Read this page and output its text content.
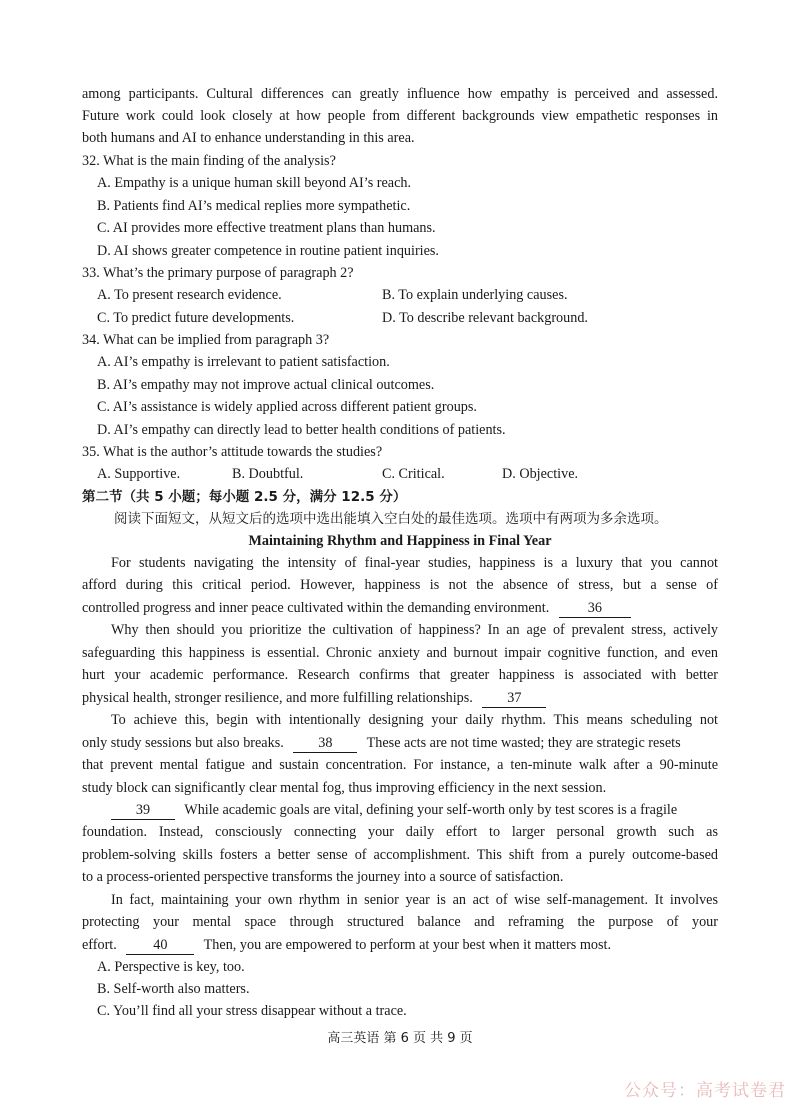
among participants. Cultural differences can greatly influence how empathy is perceived and assessed.
Future work could look closely at how people from different backgrounds view empathetic responses in
both humans and AI to enhance understanding in this area.
32. What is the main finding of the analysis?
A. Empathy is a unique human skill beyond AI’s reach.
B. Patients find AI’s medical replies more sympathetic.
C. AI provides more effective treatment plans than humans.
D. AI shows greater competence in routine patient inquiries.
33. What’s the primary purpose of paragraph 2?
A. To present research evidence.	B. To explain underlying causes.
C. To predict future developments.	D. To describe relevant background.
34. What can be implied from paragraph 3?
A. AI’s empathy is irrelevant to patient satisfaction.
B. AI’s empathy may not improve actual clinical outcomes.
C. AI’s assistance is widely applied across different patient groups.
D. AI’s empathy can directly lead to better health conditions of patients.
35. What is the author’s attitude towards the studies?
A. Supportive.	B. Doubtful.	C. Critical.	D. Objective.
第二节（共 5 小题；每小题 2.5 分，满分 12.5 分）
阅读下面短文，从短文后的选项中选出能填入空白处的最佳选项。选项中有两项为多余选项。
Maintaining Rhythm and Happiness in Final Year
For students navigating the intensity of final-year studies, happiness is a luxury that you cannot
afford during this critical period. However, happiness is not the absence of stress, but a sense of
controlled progress and inner peace cultivated within the demanding environment.	36
Why then should you prioritize the cultivation of happiness? In an age of prevalent stress, actively
safeguarding this happiness is essential. Chronic anxiety and burnout impair cognitive function, and even
hurt your academic performance. Research confirms that greater happiness is associated with better
physical health, stronger resilience, and more fulfilling relationships. 37
To achieve this, begin with intentionally designing your daily rhythm. This means scheduling not
only study sessions but also breaks. 38 These acts are not time wasted; they are strategic resets
that prevent mental fatigue and sustain concentration. For instance, a ten-minute walk after a 90-minute
study block can significantly clear mental fog, thus improving efficiency in the next session.
39 While academic goals are vital, defining your self-worth only by test scores is a fragile
foundation. Instead, consciously connecting your daily effort to larger personal growth such as
problem-solving skills fosters a better sense of accomplishment. This shift from a purely outcome-based
to a process-oriented perspective transforms the journey into a source of satisfaction.
In fact, maintaining your own rhythm in senior year is an act of wise self-management. It involves
protecting your mental space through structured balance and reframing the purpose of your
effort.	40	Then, you are empowered to perform at your best when it matters most.
A. Perspective is key, too.
B. Self-worth also matters.
C. You’ll find all your stress disappear without a trace.
高三英语 第 6 页 共 9 页
公众号：高考试卷君
